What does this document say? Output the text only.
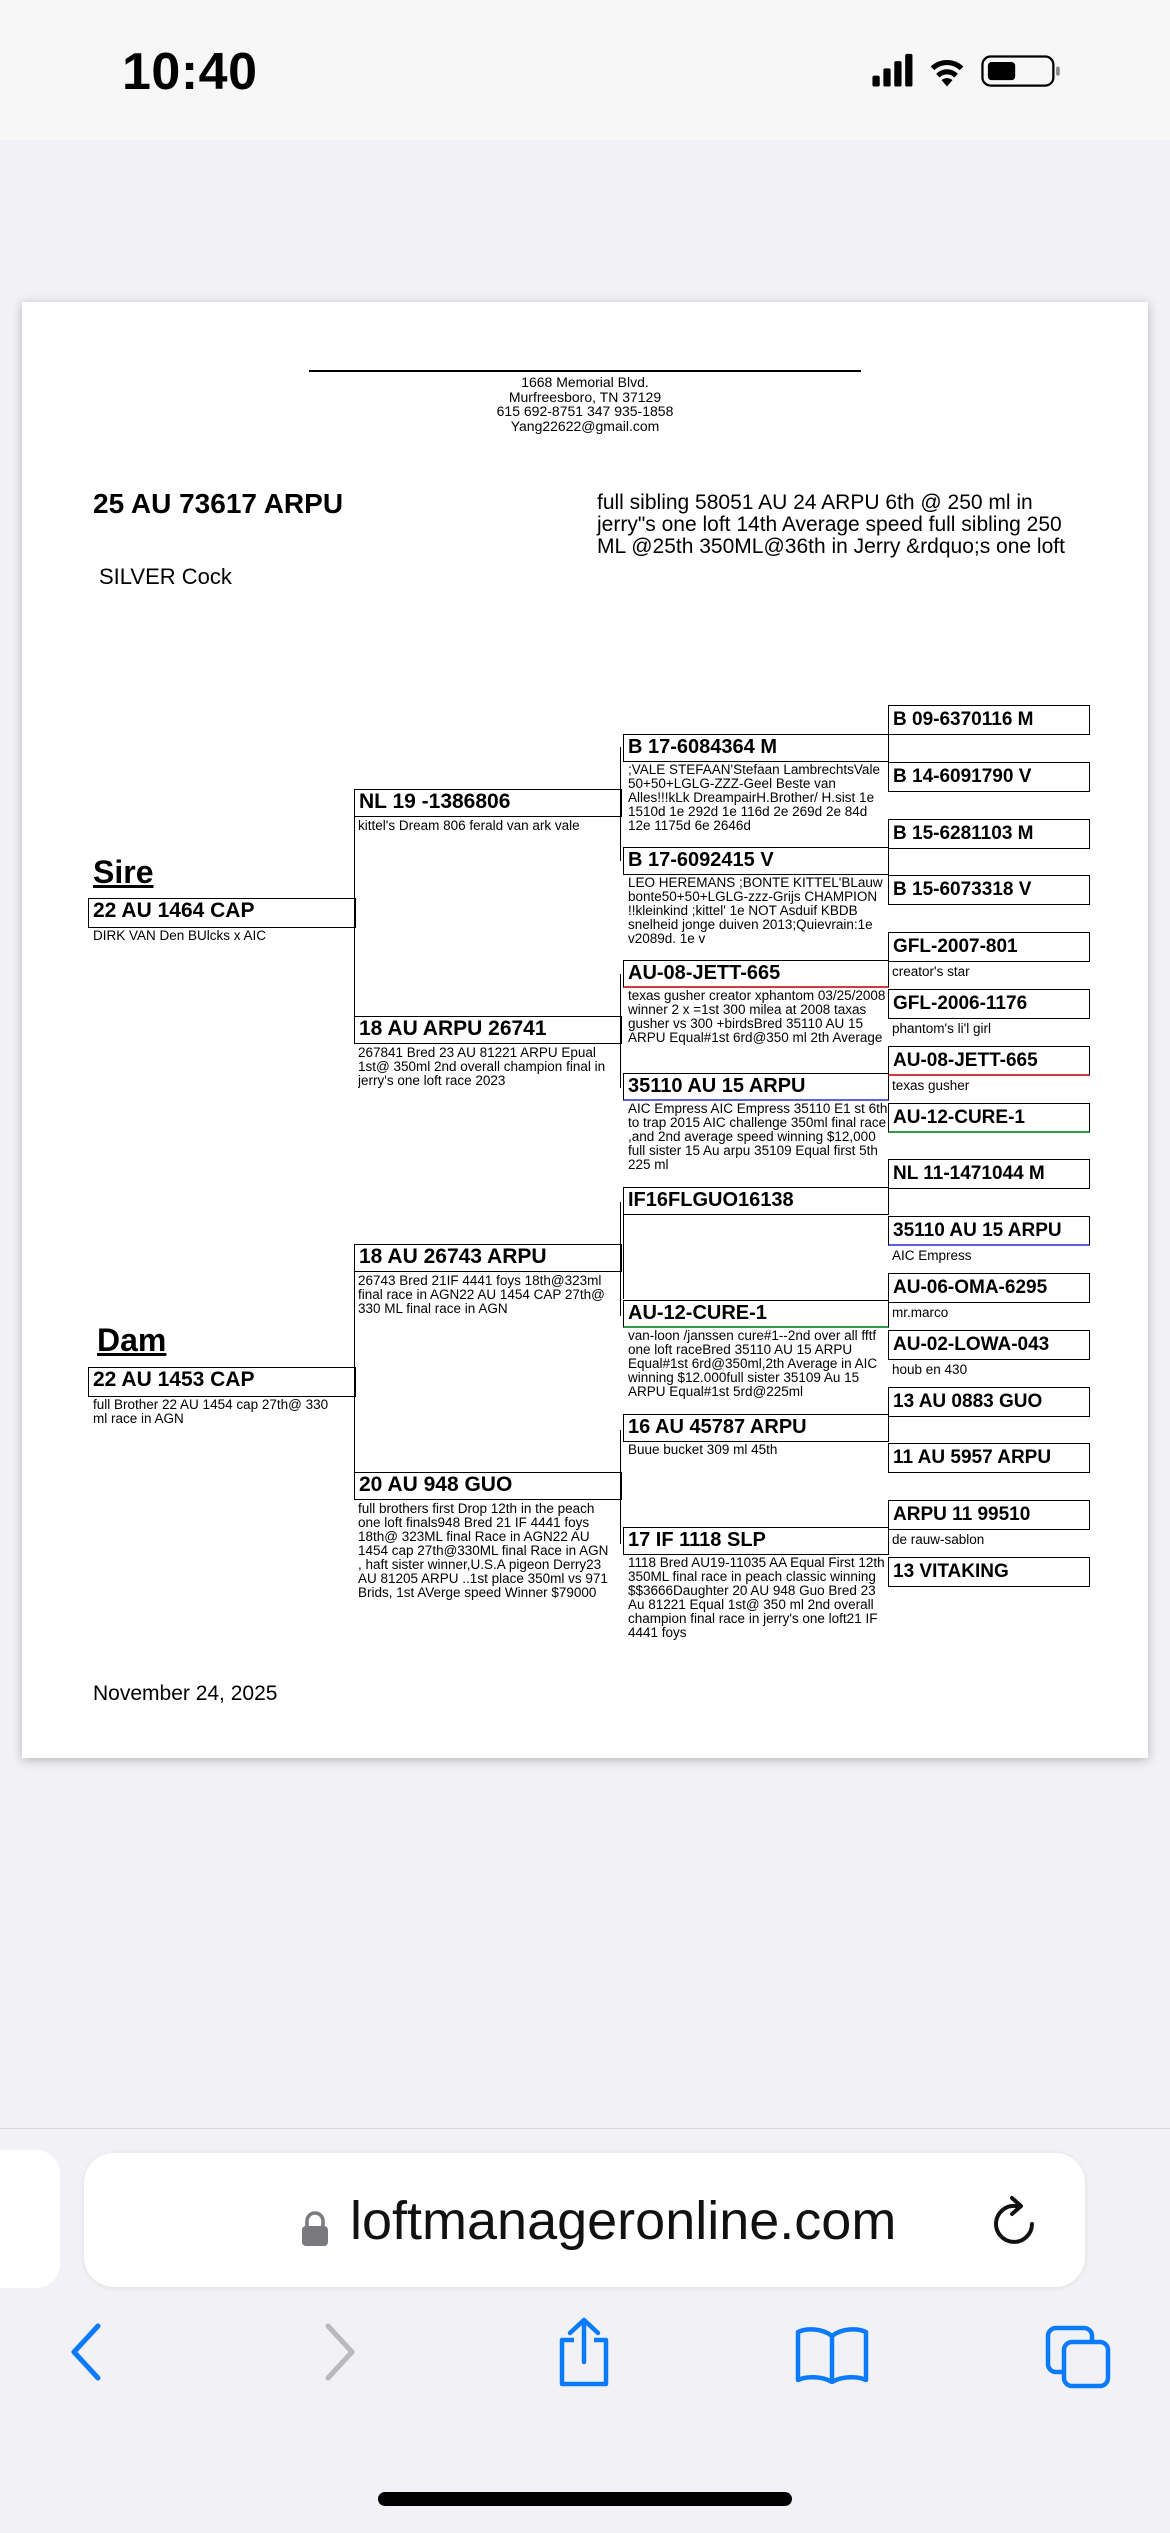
10:40
1668 Memorial Blvd.
Murfreesboro, TN 37129
615 692-8751 347 935-1858
Yang22622@gmail.com
25 AU 73617 ARPU
SILVER Cock
full sibling 58051 AU 24 ARPU 6th @ 250 ml in jerry"s one loft 14th Average speed full sibling 250 ML @25th 350ML@36th in Jerry &rdquo;s one loft
Sire
22 AU 1464 CAP
DIRK VAN Den BUlcks x AIC
Dam
22 AU 1453 CAP
full Brother 22 AU 1454 cap 27th@ 330 ml race in AGN
NL 19 -1386806
kittel's Dream 806 ferald van ark vale
18 AU ARPU 26741
267841 Bred 23 AU 81221 ARPU Epual 1st@ 350ml 2nd overall champion final in jerry's one loft race 2023
18 AU 26743 ARPU
26743 Bred 21IF 4441 foys 18th@323ml final race in AGN22 AU 1454 CAP 27th@ 330 ML final race in AGN
20 AU 948 GUO
full brothers first Drop 12th in the peach one loft finals948 Bred 21 IF 4441 foys 18th@ 323ML final Race in AGN22 AU 1454 cap 27th@330ML final Race in AGN , haft sister winner,U.S.A pigeon Derry23 AU 81205 ARPU ..1st place 350ml vs 971 Brids, 1st AVerge speed Winner $79000
B 17-6084364 M
;VALE STEFAAN'Stefaan LambrechtsVale 50+50+LGLG-ZZZ-Geel Beste van Alles!!!kLk DreampairH.Brother/ H.sist 1e 1510d 1e 292d 1e 116d 2e 269d 2e 84d 12e 1175d 6e 2646d
B 17-6092415 V
LEO HEREMANS ;BONTE KITTEL'BLauw bonte50+50+LGLG-zzz-Grijs CHAMPION !!kleinkind ;kittel' 1e NOT Asduif KBDB snelheid jonge duiven 2013;Quievrain:1e v2089d. 1e v
AU-08-JETT-665
texas gusher creator xphantom 03/25/2008 winner 2 x =1st 300 milea at 2008 taxas gusher vs 300 +birdsBred 35110 AU 15 ARPU Equal#1st 6rd@350 ml 2th Average
35110 AU 15 ARPU
AIC Empress AIC Empress 35110 E1 st 6th to trap 2015 AIC challenge 350ml final race ,and 2nd average speed winning $12,000 full sister 15 Au arpu 35109 Equal first 5th 225 ml
IF16FLGUO16138
AU-12-CURE-1
van-loon /janssen cure#1--2nd over all fftf one loft raceBred 35110 AU 15 ARPU Equal#1st 6rd@350ml,2th Average in AIC winning $12.000full sister 35109 Au 15 ARPU Equal#1st 5rd@225ml
16 AU 45787 ARPU
Buue bucket 309 ml 45th
17 IF 1118 SLP
1118 Bred AU19-11035 AA Equal First 12th 350ML final race in peach classic winning $$3666Daughter 20 AU 948 Guo Bred 23 Au 81221 Equal 1st@ 350 ml 2nd overall champion final race in jerry's one loft21 IF 4441 foys
B 09-6370116 M
B 14-6091790 V
B 15-6281103 M
B 15-6073318 V
GFL-2007-801
creator's star
GFL-2006-1176
phantom's li'l girl
AU-08-JETT-665
texas gusher
AU-12-CURE-1
NL 11-1471044 M
35110 AU 15 ARPU
AIC Empress
AU-06-OMA-6295
mr.marco
AU-02-LOWA-043
houb en 430
13 AU 0883 GUO
11 AU 5957 ARPU
ARPU 11 99510
de rauw-sablon
13 VITAKING
November 24, 2025
loftmanageronline.com
